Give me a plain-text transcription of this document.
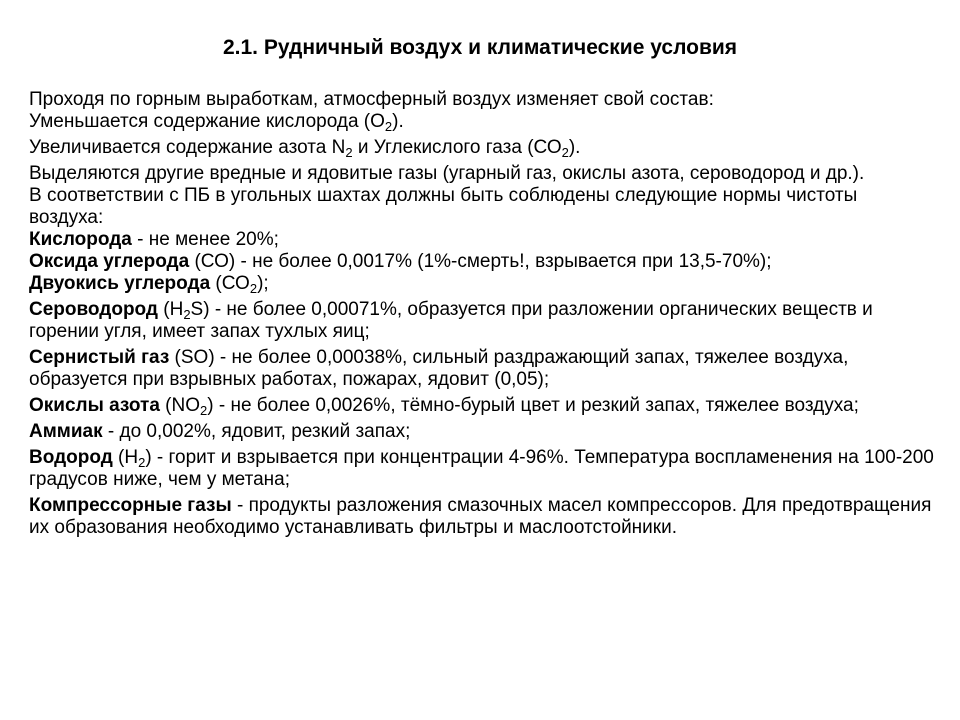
2.1. Рудничный воздух и климатические условия
Проходя по горным выработкам, атмосферный воздух изменяет свой состав:
Уменьшается содержание кислорода $(О_2)$.
Увеличивается содержание азота $N_2$ и Углекислого газа $(СО_2)$.
Выделяются другие вредные и ядовитые газы (угарный газ, окислы азота, сероводород и др.).
В соответствии с ПБ в угольных шахтах должны быть соблюдены следующие нормы чистоты воздуха:
Кислорода - не менее 20%;
Оксида углерода (СО) - не более 0,0017% (1%-смерть!, взрывается при 13,5-70%);
Двуокись углерода $(СО_2)$;
Сероводород $(H_2S)$ - не более 0,00071%, образуется при разложении органических веществ и горении угля, имеет запах тухлых яиц;
Сернистый газ (SO) - не более 0,00038%, сильный раздражающий запах, тяжелее воздуха, образуется при взрывных работах, пожарах, ядовит (0,05);
Окислы азота $(NO_2)$ - не более 0,0026%, тёмно-бурый цвет и резкий запах, тяжелее воздуха;
Аммиак - до 0,002%, ядовит, резкий запах;
Водород $(H_2)$ - горит и взрывается при концентрации 4-96%. Температура воспламенения на 100-200 градусов ниже, чем у метана;
Компрессорные газы - продукты разложения смазочных масел компрессоров. Для предотвращения их образования необходимо устанавливать фильтры и маслоотстойники.
